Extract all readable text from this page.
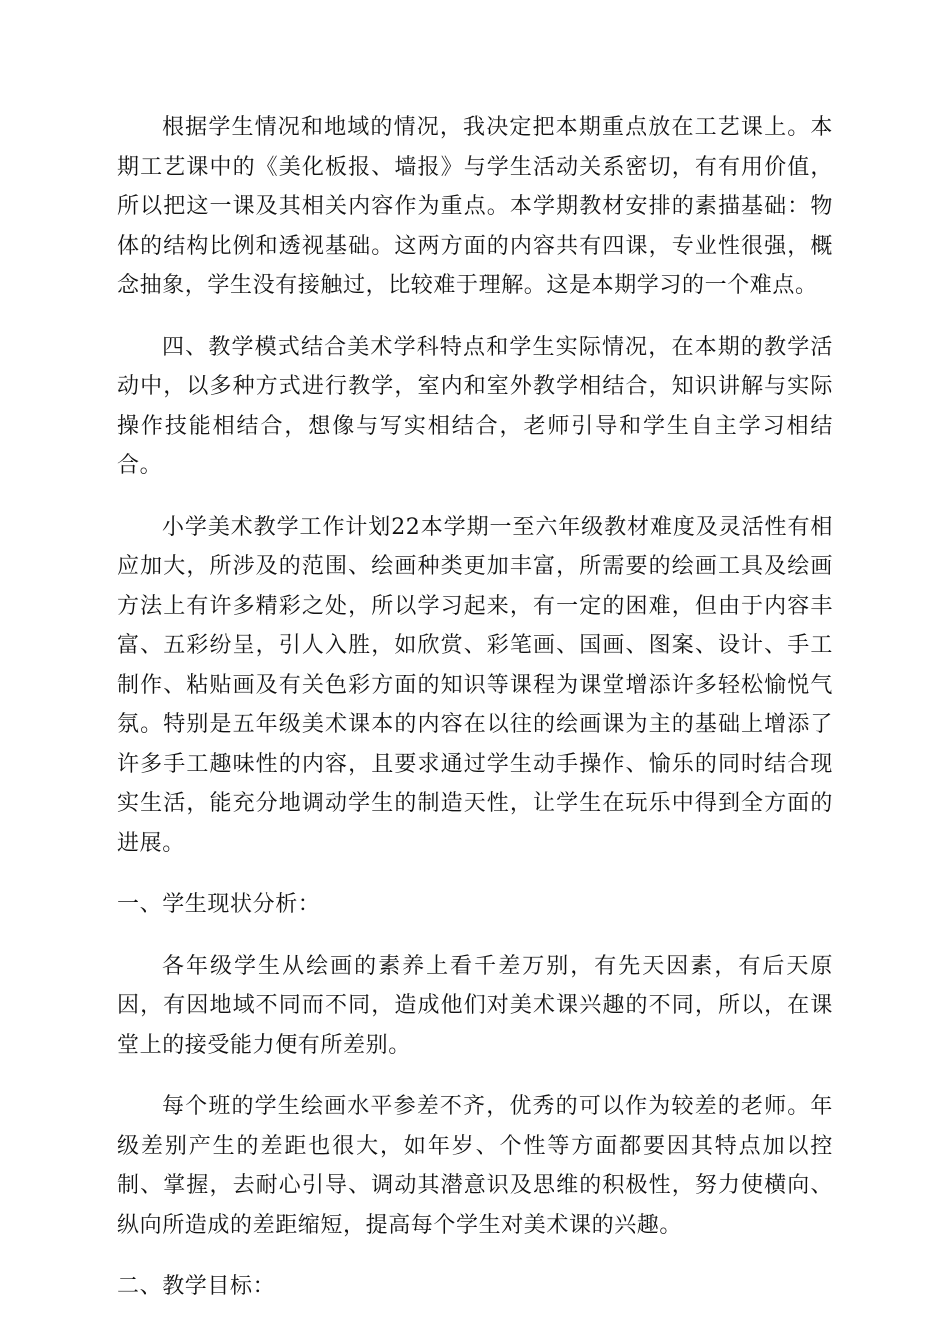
根据学生情况和地域的情况，我决定把本期重点放在工艺课上。本期工艺课中的《美化板报、墙报》与学生活动关系密切，有有用价值，所以把这一课及其相关内容作为重点。本学期教材安排的素描基础：物体的结构比例和透视基础。这两方面的内容共有四课，专业性很强，概念抽象，学生没有接触过，比较难于理解。这是本期学习的一个难点。

四、教学模式结合美术学科特点和学生实际情况，在本期的教学活动中，以多种方式进行教学，室内和室外教学相结合，知识讲解与实际操作技能相结合，想像与写实相结合，老师引导和学生自主学习相结合。

小学美术教学工作计划22本学期一至六年级教材难度及灵活性有相应加大，所涉及的范围、绘画种类更加丰富，所需要的绘画工具及绘画方法上有许多精彩之处，所以学习起来，有一定的困难，但由于内容丰富、五彩纷呈，引人入胜，如欣赏、彩笔画、国画、图案、设计、手工制作、粘贴画及有关色彩方面的知识等课程为课堂增添许多轻松愉悦气氛。特别是五年级美术课本的内容在以往的绘画课为主的基础上增添了许多手工趣味性的内容，且要求通过学生动手操作、愉乐的同时结合现实生活，能充分地调动学生的制造天性，让学生在玩乐中得到全方面的进展。

一、学生现状分析：

各年级学生从绘画的素养上看千差万别，有先天因素，有后天原因，有因地域不同而不同，造成他们对美术课兴趣的不同，所以，在课堂上的接受能力便有所差别。

每个班的学生绘画水平参差不齐，优秀的可以作为较差的老师。年级差别产生的差距也很大，如年岁、个性等方面都要因其特点加以控制、掌握，去耐心引导、调动其潜意识及思维的积极性，努力使横向、纵向所造成的差距缩短，提高每个学生对美术课的兴趣。

二、教学目标：
